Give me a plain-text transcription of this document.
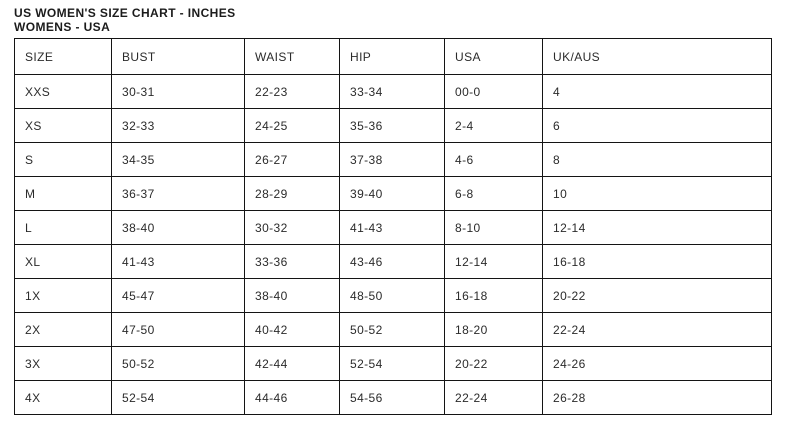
US WOMEN'S SIZE CHART - INCHES
WOMENS - USA
SIZE	BUST	WAIST	HIP	USA	UK/AUS
XXS	30-31	22-23	33-34	00-0	4
XS	32-33	24-25	35-36	2-4	6
S	34-35	26-27	37-38	4-6	8
M	36-37	28-29	39-40	6-8	10
L	38-40	30-32	41-43	8-10	12-14
XL	41-43	33-36	43-46	12-14	16-18
1X	45-47	38-40	48-50	16-18	20-22
2X	47-50	40-42	50-52	18-20	22-24
3X	50-52	42-44	52-54	20-22	24-26
4X	52-54	44-46	54-56	22-24	26-28
